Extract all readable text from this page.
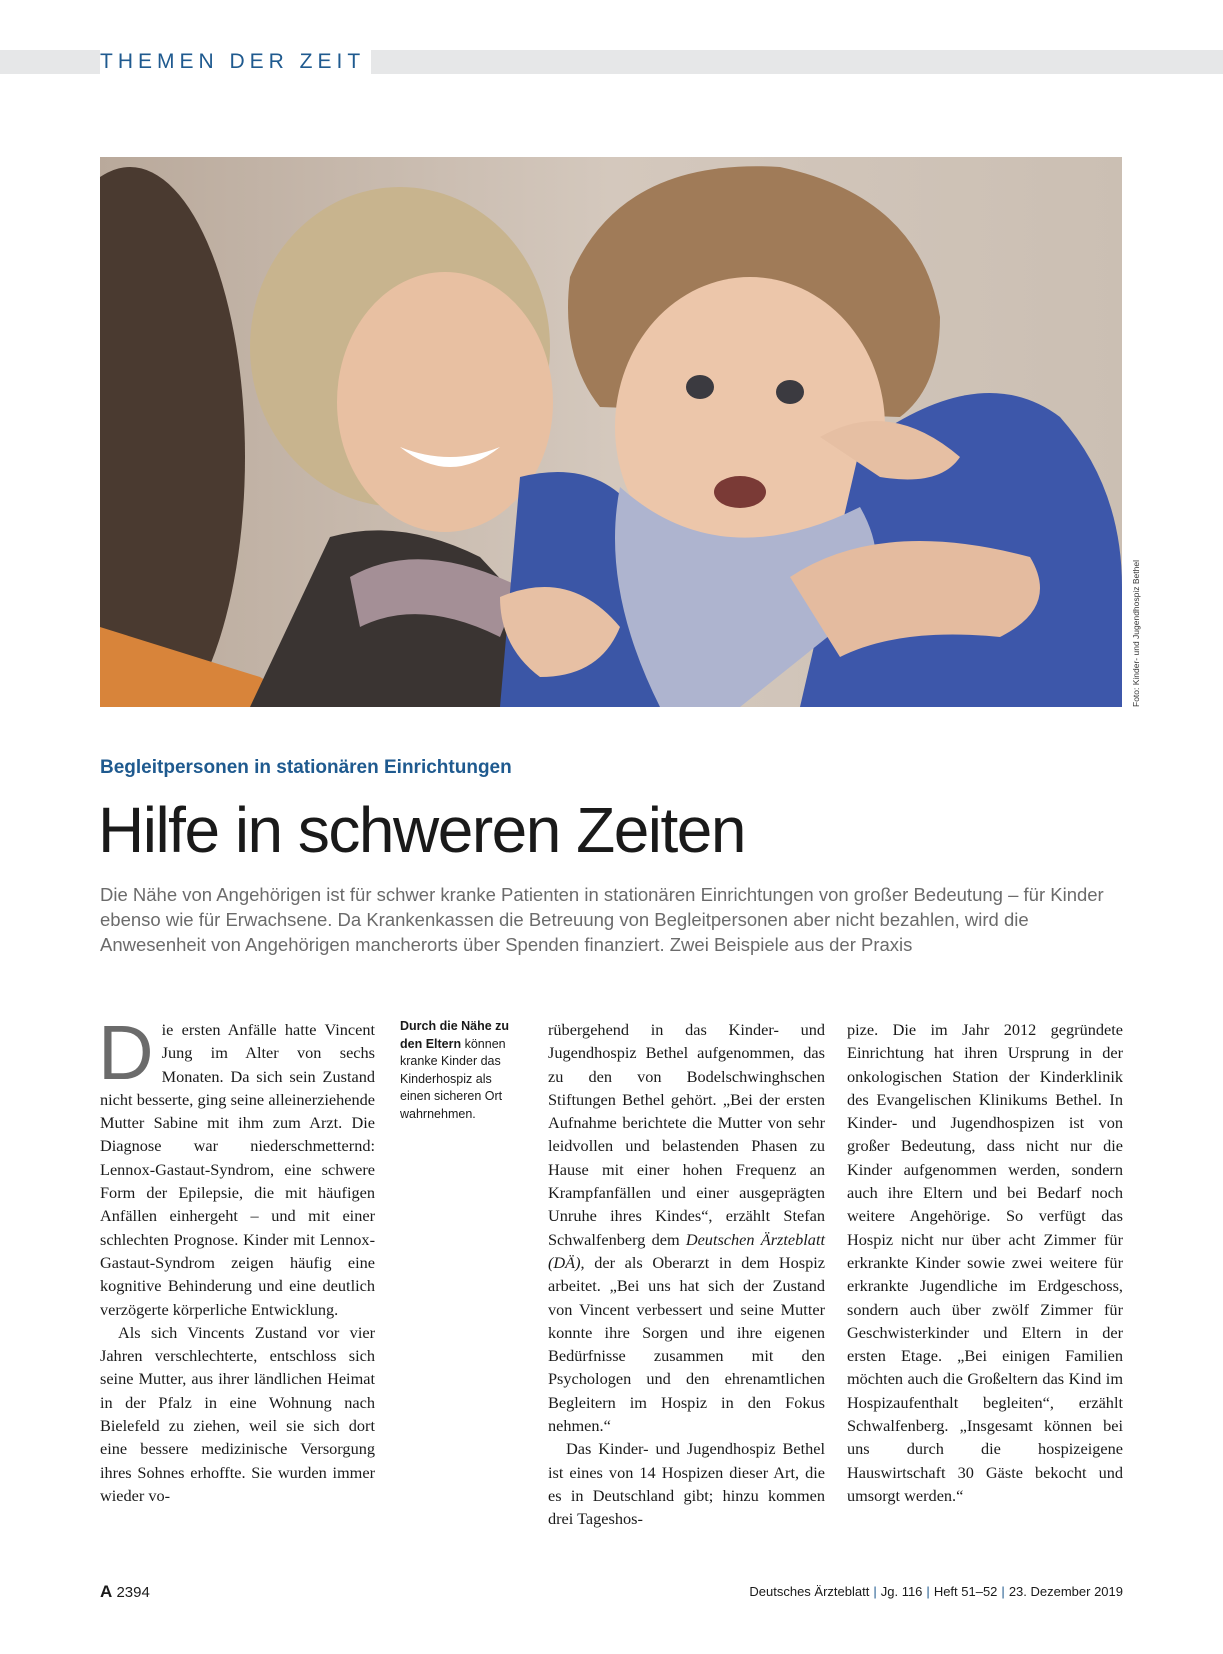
THEMEN DER ZEIT
Foto: Kinder- und Jugendhospiz Bethel
Begleitpersonen in stationären Einrichtungen
Hilfe in schweren Zeiten
Die Nähe von Angehörigen ist für schwer kranke Patienten in stationären Einrichtungen von großer Bedeutung – für Kinder ebenso wie für Erwachsene. Da Krankenkassen die Betreuung von Begleitpersonen aber nicht bezahlen, wird die Anwesenheit von Angehörigen mancherorts über Spenden finanziert. Zwei Beispiele aus der Praxis

Die ersten Anfälle hatte Vincent Jung im Alter von sechs Monaten. Da sich sein Zustand nicht besserte, ging seine alleinerziehende Mutter Sabine mit ihm zum Arzt. Die Diagnose war niederschmetternd: Lennox-Gastaut-Syndrom, eine schwere Form der Epilepsie, die mit häufigen Anfällen einhergeht – und mit einer schlechten Prognose. Kinder mit Lennox-Gastaut-Syndrom zeigen häufig eine kognitive Behinderung und eine deutlich verzögerte körperliche Entwicklung.

Als sich Vincents Zustand vor vier Jahren verschlechterte, entschloss sich seine Mutter, aus ihrer ländlichen Heimat in der Pfalz in eine Wohnung nach Bielefeld zu ziehen, weil sie sich dort eine bessere medizinische Versorgung ihres Sohnes erhoffte. Sie wurden immer wieder vo-

Durch die Nähe zu den Eltern können kranke Kinder das Kinderhospiz als einen sicheren Ort wahrnehmen.

rübergehend in das Kinder- und Jugendhospiz Bethel aufgenommen, das zu den von Bodelschwinghschen Stiftungen Bethel gehört. „Bei der ersten Aufnahme berichtete die Mutter von sehr leidvollen und belastenden Phasen zu Hause mit einer hohen Frequenz an Krampfanfällen und einer ausgeprägten Unruhe ihres Kindes“, erzählt Stefan Schwalfenberg dem Deutschen Ärzteblatt (DÄ), der als Oberarzt in dem Hospiz arbeitet. „Bei uns hat sich der Zustand von Vincent verbessert und seine Mutter konnte ihre Sorgen und ihre eigenen Bedürfnisse zusammen mit den Psychologen und den ehrenamtlichen Begleitern im Hospiz in den Fokus nehmen.“

Das Kinder- und Jugendhospiz Bethel ist eines von 14 Hospizen dieser Art, die es in Deutschland gibt; hinzu kommen drei Tageshos-

pize. Die im Jahr 2012 gegründete Einrichtung hat ihren Ursprung in der onkologischen Station der Kinderklinik des Evangelischen Klinikums Bethel. In Kinder- und Jugendhospizen ist von großer Bedeutung, dass nicht nur die Kinder aufgenommen werden, sondern auch ihre Eltern und bei Bedarf noch weitere Angehörige. So verfügt das Hospiz nicht nur über acht Zimmer für erkrankte Kinder sowie zwei weitere für erkrankte Jugendliche im Erdgeschoss, sondern auch über zwölf Zimmer für Geschwisterkinder und Eltern in der ersten Etage. „Bei einigen Familien möchten auch die Großeltern das Kind im Hospizaufenthalt begleiten“, erzählt Schwalfenberg. „Insgesamt können bei uns durch die hospizeigene Hauswirtschaft 30 Gäste bekocht und umsorgt werden.“

A 2394	Deutsches Ärzteblatt | Jg. 116 | Heft 51–52 | 23. Dezember 2019
